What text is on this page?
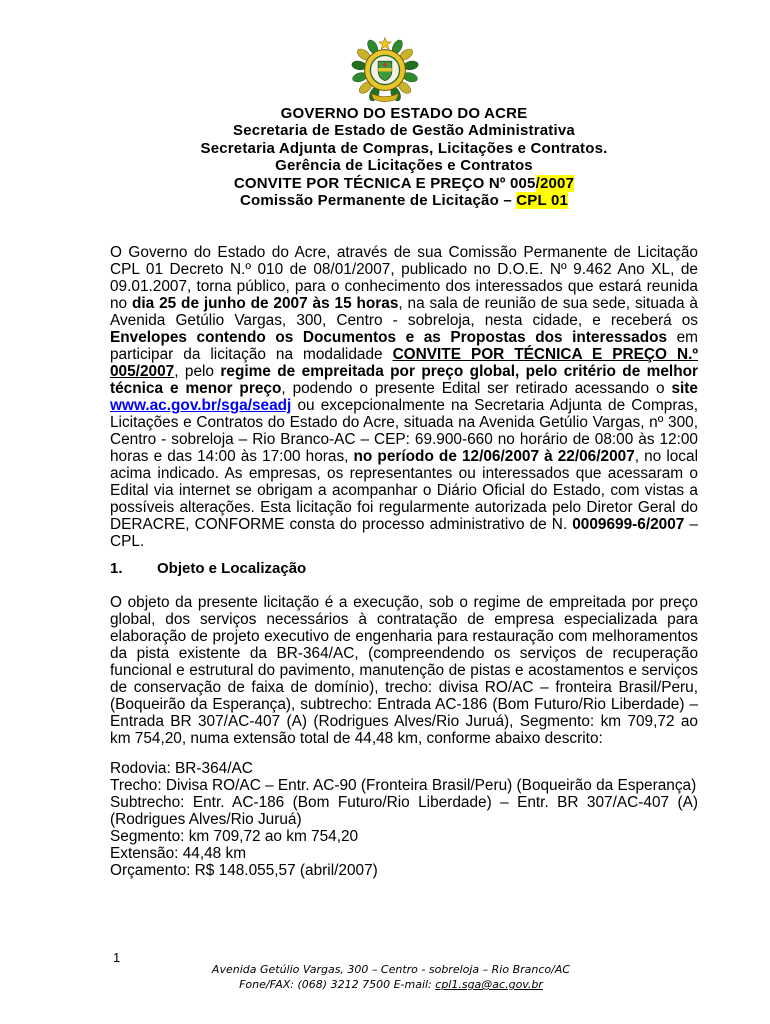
GOVERNO DO ESTADO DO ACRE
Secretaria de Estado de Gestão Administrativa
Secretaria Adjunta de Compras, Licitações e Contratos.
Gerência de Licitações e Contratos
CONVITE POR TÉCNICA E PREÇO Nº 005/2007
Comissão Permanente de Licitação – CPL 01

O Governo do Estado do Acre, através de sua Comissão Permanente de Licitação CPL 01 Decreto N.º 010 de 08/01/2007, publicado no D.O.E. Nº 9.462 Ano XL, de 09.01.2007, torna público, para o conhecimento dos interessados que estará reunida no dia 25 de junho de 2007 às 15 horas, na sala de reunião de sua sede, situada à Avenida Getúlio Vargas, 300, Centro - sobreloja, nesta cidade, e receberá os Envelopes contendo os Documentos e as Propostas dos interessados em participar da licitação na modalidade CONVITE POR TÉCNICA E PREÇO N.º 005/2007, pelo regime de empreitada por preço global, pelo critério de melhor técnica e menor preço, podendo o presente Edital ser retirado acessando o site www.ac.gov.br/sga/seadj ou excepcionalmente na Secretaria Adjunta de Compras, Licitações e Contratos do Estado do Acre, situada na Avenida Getúlio Vargas, nº 300, Centro - sobreloja – Rio Branco-AC – CEP: 69.900-660 no horário de 08:00 às 12:00 horas e das 14:00 às 17:00 horas, no período de 12/06/2007 à 22/06/2007, no local acima indicado. As empresas, os representantes ou interessados que acessaram o Edital via internet se obrigam a acompanhar o Diário Oficial do Estado, com vistas a possíveis alterações. Esta licitação foi regularmente autorizada pelo Diretor Geral do DERACRE, CONFORME consta do processo administrativo de N. 0009699-6/2007 – CPL.

1.	Objeto e Localização

O objeto da presente licitação é a execução, sob o regime de empreitada por preço global, dos serviços necessários à contratação de empresa especializada para elaboração de projeto executivo de engenharia para restauração com melhoramentos da pista existente da BR-364/AC, (compreendendo os serviços de recuperação funcional e estrutural do pavimento, manutenção de pistas e acostamentos e serviços de conservação de faixa de domínio), trecho: divisa RO/AC – fronteira Brasil/Peru, (Boqueirão da Esperança), subtrecho: Entrada AC-186 (Bom Futuro/Rio Liberdade) – Entrada BR 307/AC-407 (A) (Rodrigues Alves/Rio Juruá), Segmento: km 709,72 ao km 754,20, numa extensão total de 44,48 km, conforme abaixo descrito:

Rodovia: BR-364/AC
Trecho: Divisa RO/AC – Entr. AC-90 (Fronteira Brasil/Peru) (Boqueirão da Esperança)
Subtrecho: Entr. AC-186 (Bom Futuro/Rio Liberdade) – Entr. BR 307/AC-407 (A) (Rodrigues Alves/Rio Juruá)
Segmento: km 709,72 ao km 754,20
Extensão: 44,48 km
Orçamento: R$ 148.055,57 (abril/2007)
1
Avenida Getúlio Vargas, 300 – Centro - sobreloja – Rio Branco/AC
Fone/FAX: (068) 3212 7500 E-mail: cpl1.sga@ac.gov.br
